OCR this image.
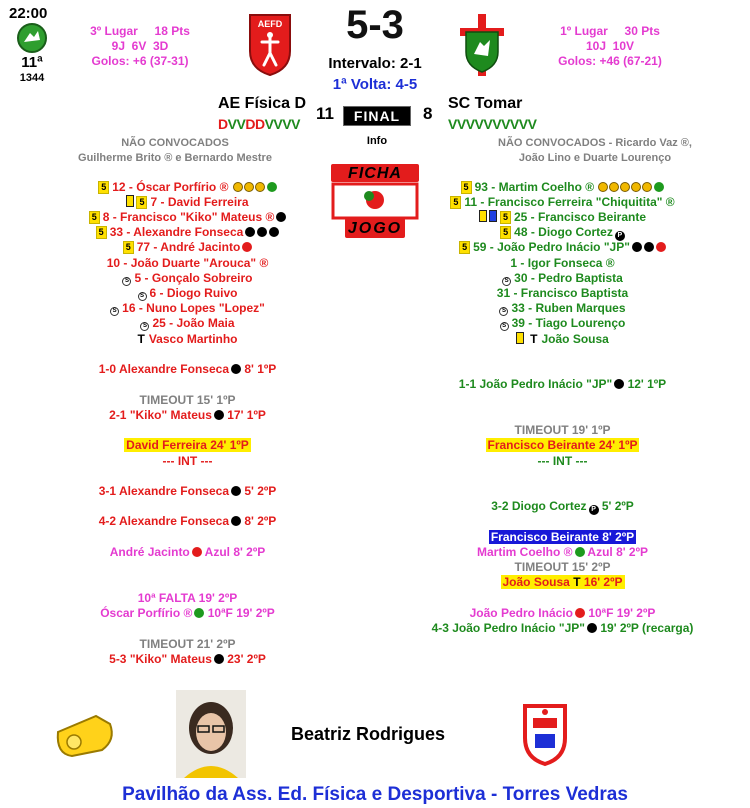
22:00
11ª
1344
3º Lugar 18 Pts
9J  6V  3D
Golos: +6 (37-31)
AEFD	5-3
Intervalo: 2-1
1ª Volta: 4-5
1º Lugar 30 Pts
10J  10V
Golos: +46 (67-21)
AE Física D
11	FINAL	8
SC Tomar
DVVDDVVVV	VVVVVVVVVV
NÃO CONVOCADOS
Guilherme Brito ® e Bernardo Mestre
NÃO CONVOCADOS - Ricardo Vaz ®,
João Lino e Duarte Lourenço
Info
FICHA
JOGO
5 12 - Óscar Porfírio ®
5 7 - David Ferreira
5 8 - Francisco "Kiko" Mateus ®
5 33 - Alexandre Fonseca
5 77 - André Jacinto
10 - João Duarte "Arouca" ®
S 5 - Gonçalo Sobreiro
S 6 - Diogo Ruivo
S 16 - Nuno Lopes "Lopez"
S 25 - João Maia
T Vasco Martinho
5 93 - Martim Coelho ®
5 11 - Francisco Ferreira "Chiquitita" ®
5 25 - Francisco Beirante
5 48 - Diogo Cortez P
5 59 - João Pedro Inácio "JP"
1 - Igor Fonseca ®
S 30 - Pedro Baptista
31 - Francisco Baptista
S 33 - Ruben Marques
S 39 - Tiago Lourenço
T João Sousa
1-0 Alexandre Fonseca 8' 1ºP
TIMEOUT 15' 1ºP
2-1 "Kiko" Mateus 17' 1ºP
David Ferreira 24' 1ºP
--- INT ---
3-1 Alexandre Fonseca 5' 2ºP
4-2 Alexandre Fonseca 8' 2ºP
André Jacinto Azul 8' 2ºP
10ª FALTA 19' 2ºP
Óscar Porfírio ® 10ªF 19' 2ºP
TIMEOUT 21' 2ºP
5-3 "Kiko" Mateus 23' 2ºP
1-1 João Pedro Inácio "JP" 12' 1ºP
TIMEOUT 19' 1ºP
Francisco Beirante 24' 1ºP
--- INT ---
3-2 Diogo Cortez P 5' 2ºP
Francisco Beirante 8' 2ºP
Martim Coelho ® Azul 8' 2ºP
TIMEOUT 15' 2ºP
João Sousa T 16' 2ºP
João Pedro Inácio 10ªF 19' 2ºP
4-3 João Pedro Inácio "JP" 19' 2ºP (recarga)
Beatriz Rodrigues
Pavilhão da Ass. Ed. Física e Desportiva - Torres Vedras
